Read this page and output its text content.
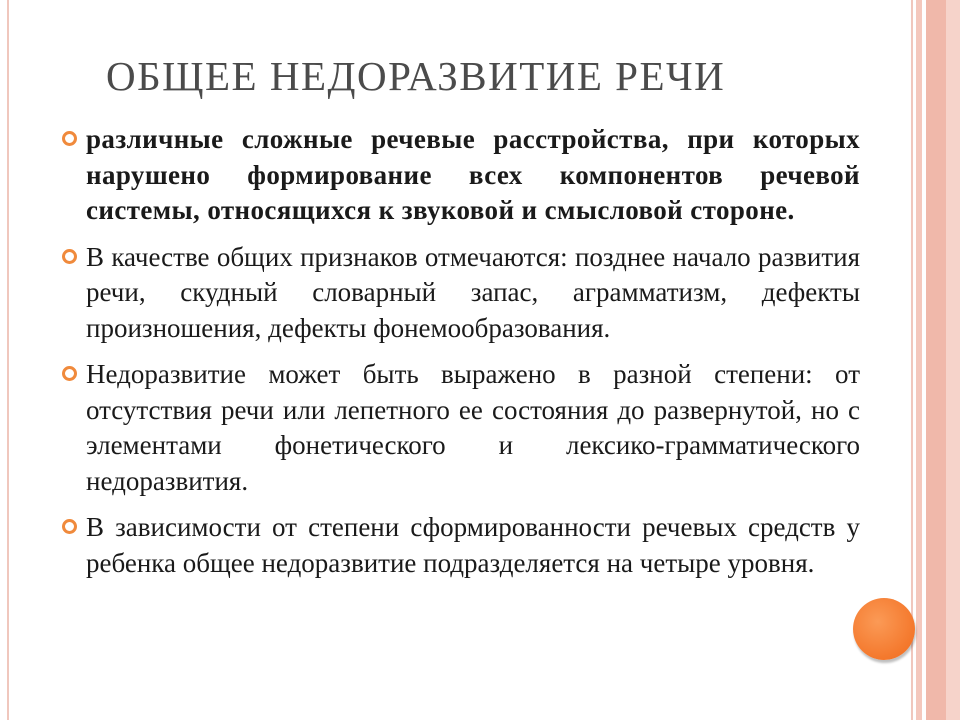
ОБЩЕЕ НЕДОРАЗВИТИЕ РЕЧИ
различные сложные речевые расстройства, при которых нарушено формирование всех компонентов речевой системы, относящихся к звуковой и смысловой стороне.
В качестве общих признаков отмечаются: позднее начало развития речи, скудный словарный запас, аграмматизм, дефекты произношения, дефекты фонемообразования.
Недоразвитие может быть выражено в разной степени: от отсутствия речи или лепетного ее состояния до развернутой, но с элементами фонетического и лексико-грамматического недоразвития.
В зависимости от степени сформированности речевых средств у ребенка общее недоразвитие подразделяется на четыре уровня.
